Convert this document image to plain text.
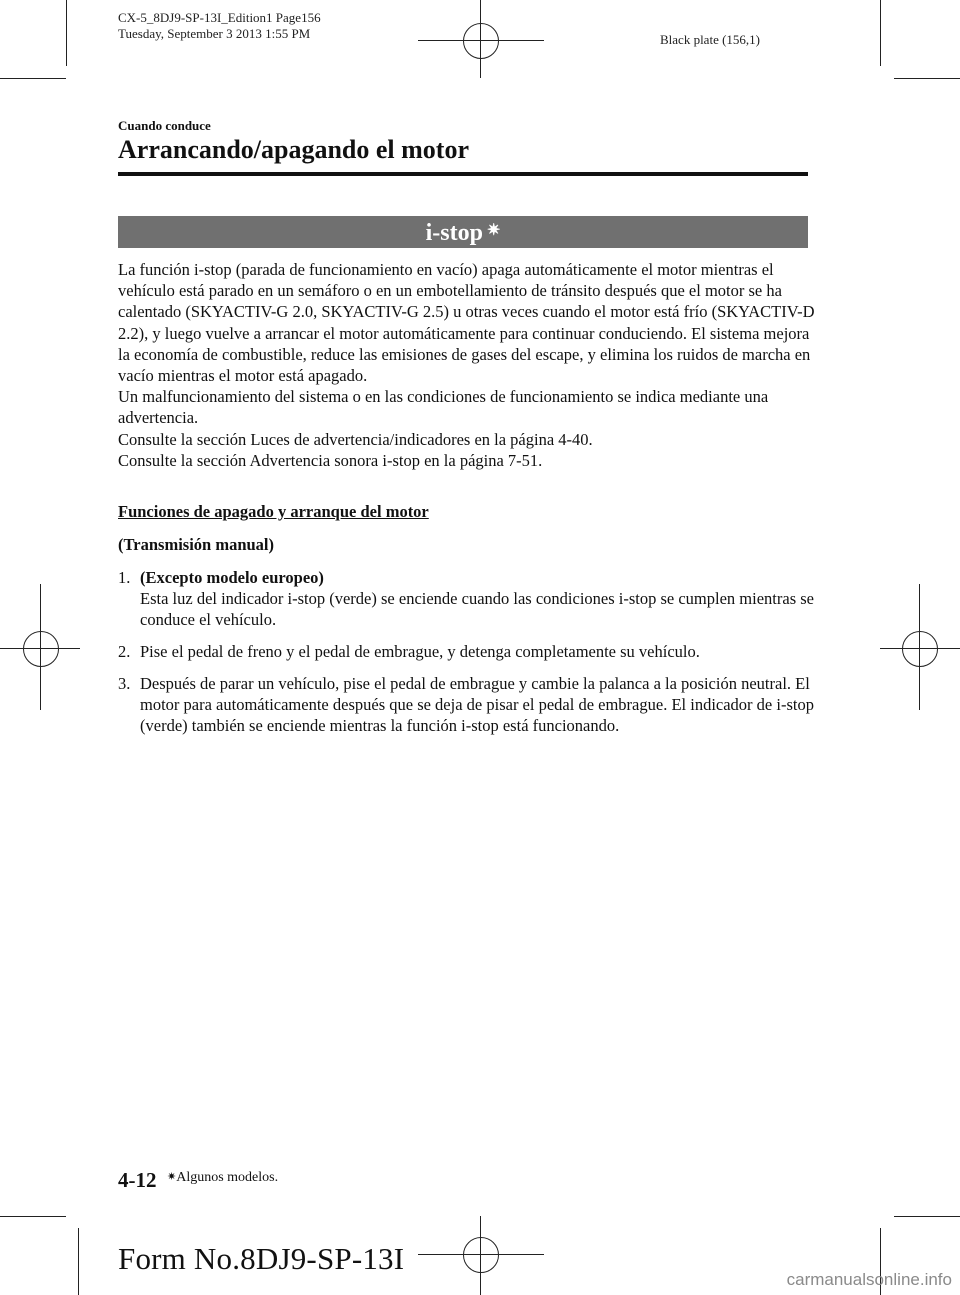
CX-5_8DJ9-SP-13I_Edition1 Page156
Tuesday, September 3 2013 1:55 PM	Black plate (156,1)
Cuando conduce
Arrancando/apagando el motor
i-stop ✷

La función i-stop (parada de funcionamiento en vacío) apaga automáticamente el motor mientras el vehículo está parado en un semáforo o en un embotellamiento de tránsito después que el motor se ha calentado (SKYACTIV-G 2.0, SKYACTIV-G 2.5) u otras veces cuando el motor está frío (SKYACTIV-D 2.2), y luego vuelve a arrancar el motor automáticamente para continuar conduciendo. El sistema mejora la economía de combustible, reduce las emisiones de gases del escape, y elimina los ruidos de marcha en vacío mientras el motor está apagado.

Un malfuncionamiento del sistema o en las condiciones de funcionamiento se indica mediante una advertencia.

Consulte la sección Luces de advertencia/indicadores en la página 4-40.

Consulte la sección Advertencia sonora i-stop en la página 7-51.

Funciones de apagado y arranque del motor
(Transmisión manual)
1. (Excepto modelo europeo)
Esta luz del indicador i-stop (verde) se enciende cuando las condiciones i-stop se cumplen mientras se conduce el vehículo.
2. Pise el pedal de freno y el pedal de embrague, y detenga completamente su vehículo.
3. Después de parar un vehículo, pise el pedal de embrague y cambie la palanca a la posición neutral. El motor para automáticamente después que se deja de pisar el pedal de embrague. El indicador de i-stop (verde) también se enciende mientras la función i-stop está funcionando.
4-12 ✷Algunos modelos.
Form No.8DJ9-SP-13I
carmanualsonline.info
